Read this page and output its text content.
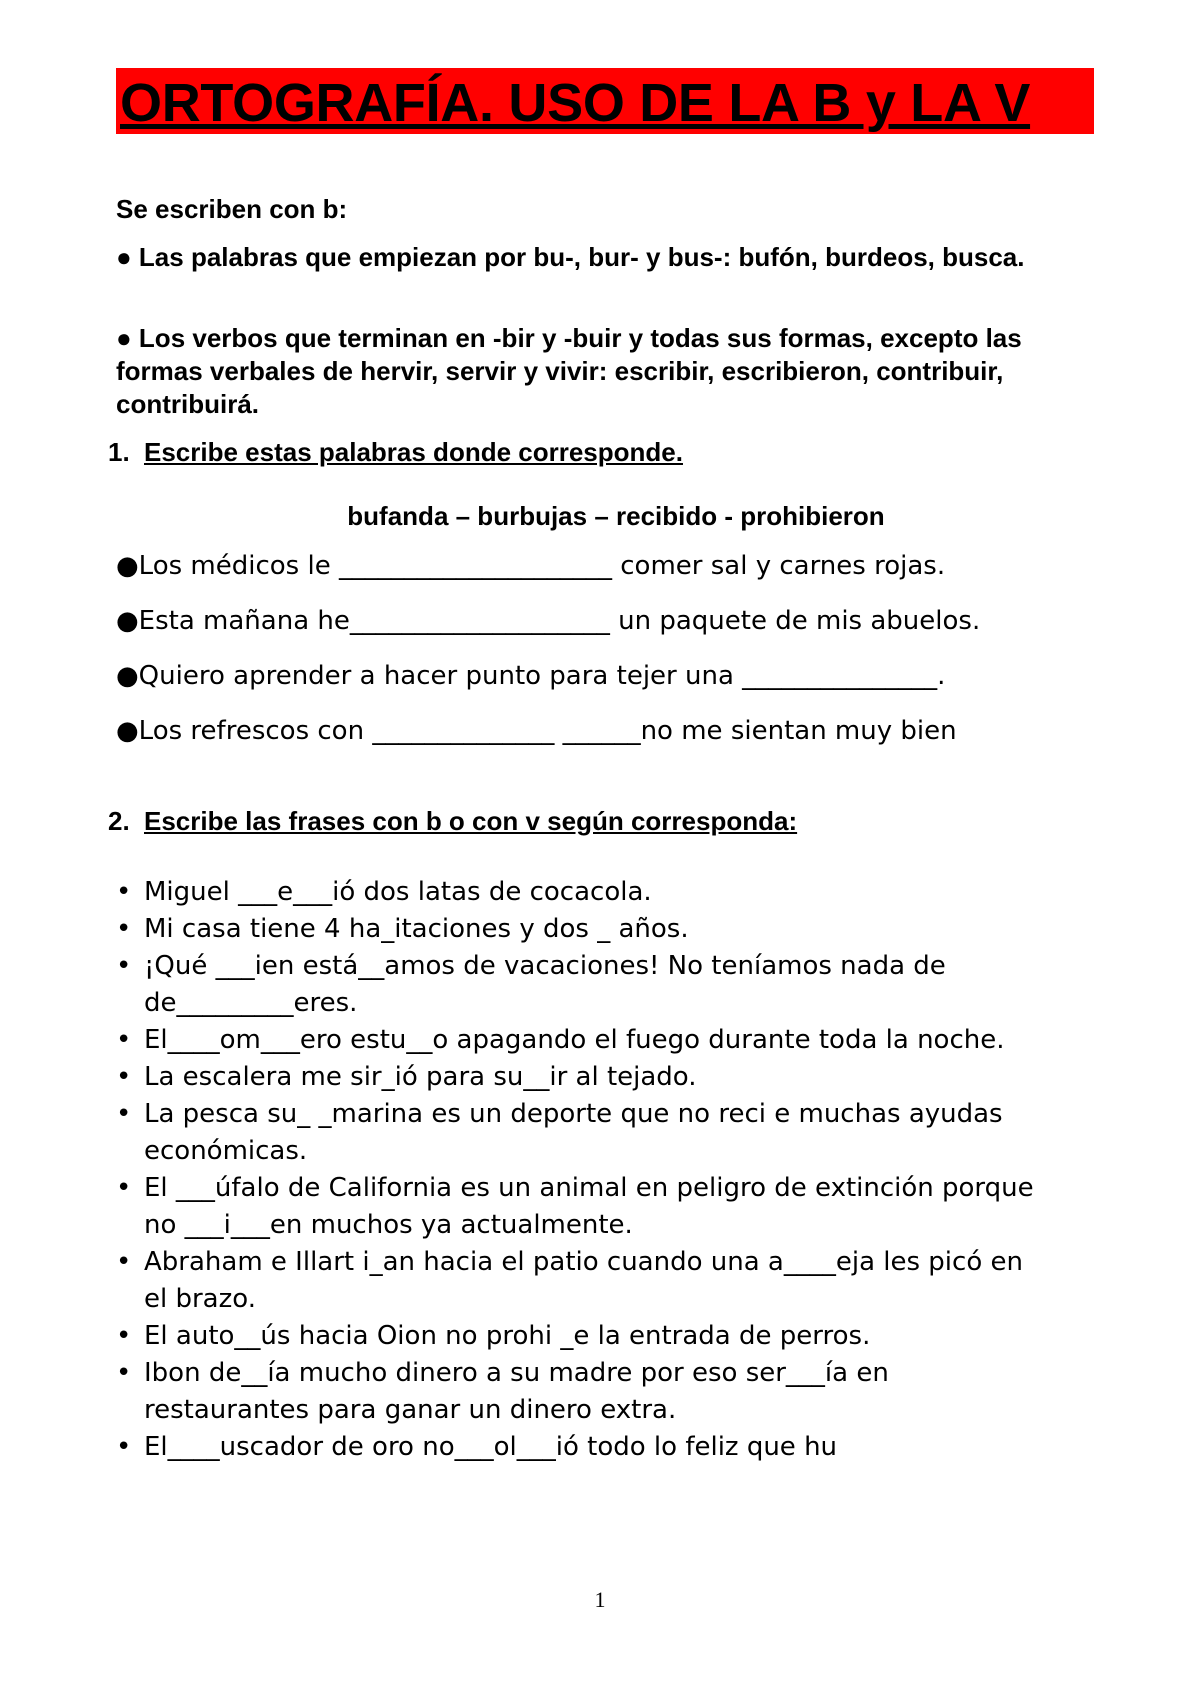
ORTOGRAFÍA. USO DE LA B y LA V
Se escriben con b:
● Las palabras que empiezan por bu-, bur- y bus-: bufón, burdeos, busca.
● Los verbos que terminan en -bir y -buir y todas sus formas, excepto las formas verbales de hervir, servir y vivir: escribir, escribieron, contribuir, contribuirá.
1. Escribe estas palabras donde corresponde.
bufanda – burbujas – recibido - prohibieron
●Los médicos le _____________________ comer sal y carnes rojas.
●Esta mañana he____________________ un paquete de mis abuelos.
●Quiero aprender a hacer punto para tejer una _______________.
●Los refrescos con ______________ ______no me sientan muy bien
2. Escribe las frases con b o con v según corresponda:
• Miguel ___e___ió dos latas de cocacola.
• Mi casa tiene 4 ha_itaciones y dos _ años.
• ¡Qué ___ien está__amos de vacaciones! No teníamos nada de de_________eres.
• El____om___ero estu__o apagando el fuego durante toda la noche.
• La escalera me sir_ió para su__ir al tejado.
• La pesca su_ _marina es un deporte que no reci e muchas ayudas económicas.
• El ___úfalo de California es un animal en peligro de extinción porque no ___i___en muchos ya actualmente.
• Abraham e Illart i_an hacia el patio cuando una a____eja les picó en el brazo.
• El auto__ús hacia Oion no prohi _e la entrada de perros.
• Ibon de__ía mucho dinero a su madre por eso ser___ía en restaurantes para ganar un dinero extra.
• El____uscador de oro no___ol___ió todo lo feliz que hu
1
